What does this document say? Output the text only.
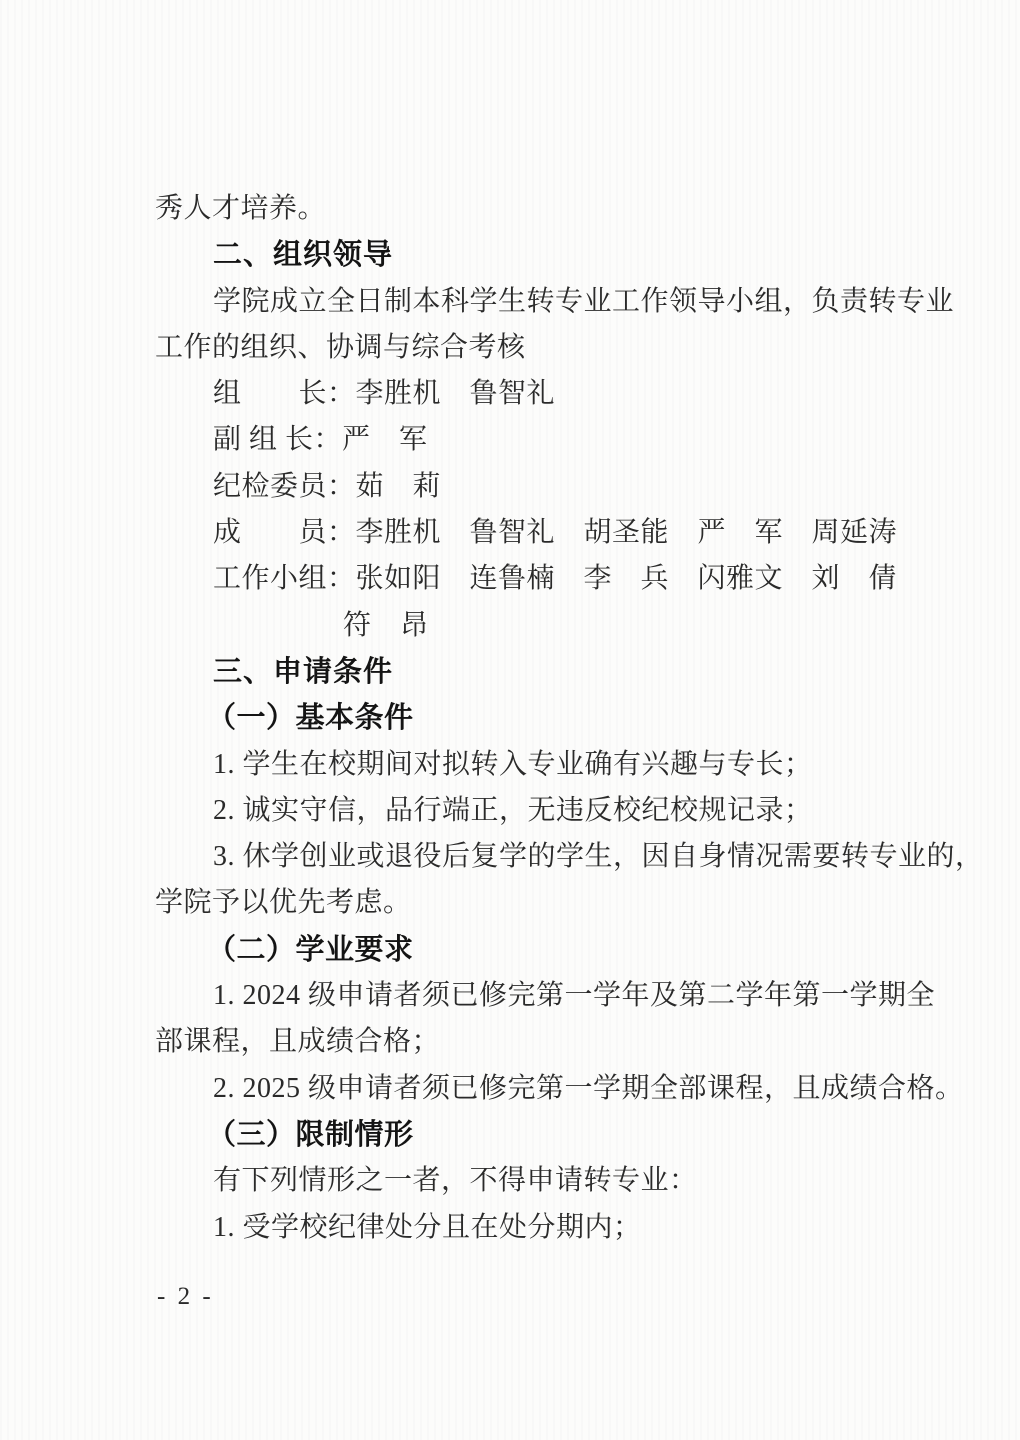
秀人才培养。
二、组织领导
学院成立全日制本科学生转专业工作领导小组，负责转专业
工作的组织、协调与综合考核
组　　长：李胜机　鲁智礼
副 组 长：严　军
纪检委员：茹　莉
成　　员：李胜机　鲁智礼　胡圣能　严　军　周延涛
工作小组：张如阳　连鲁楠　李　兵　闪雅文　刘　倩
符　昂
三、申请条件
（一）基本条件
1. 学生在校期间对拟转入专业确有兴趣与专长；
2. 诚实守信，品行端正，无违反校纪校规记录；
3. 休学创业或退役后复学的学生，因自身情况需要转专业的，
学院予以优先考虑。
（二）学业要求
1. 2024 级申请者须已修完第一学年及第二学年第一学期全
部课程，且成绩合格；
2. 2025 级申请者须已修完第一学期全部课程，且成绩合格。
（三）限制情形
有下列情形之一者，不得申请转专业：
1. 受学校纪律处分且在处分期内；
- 2 -
